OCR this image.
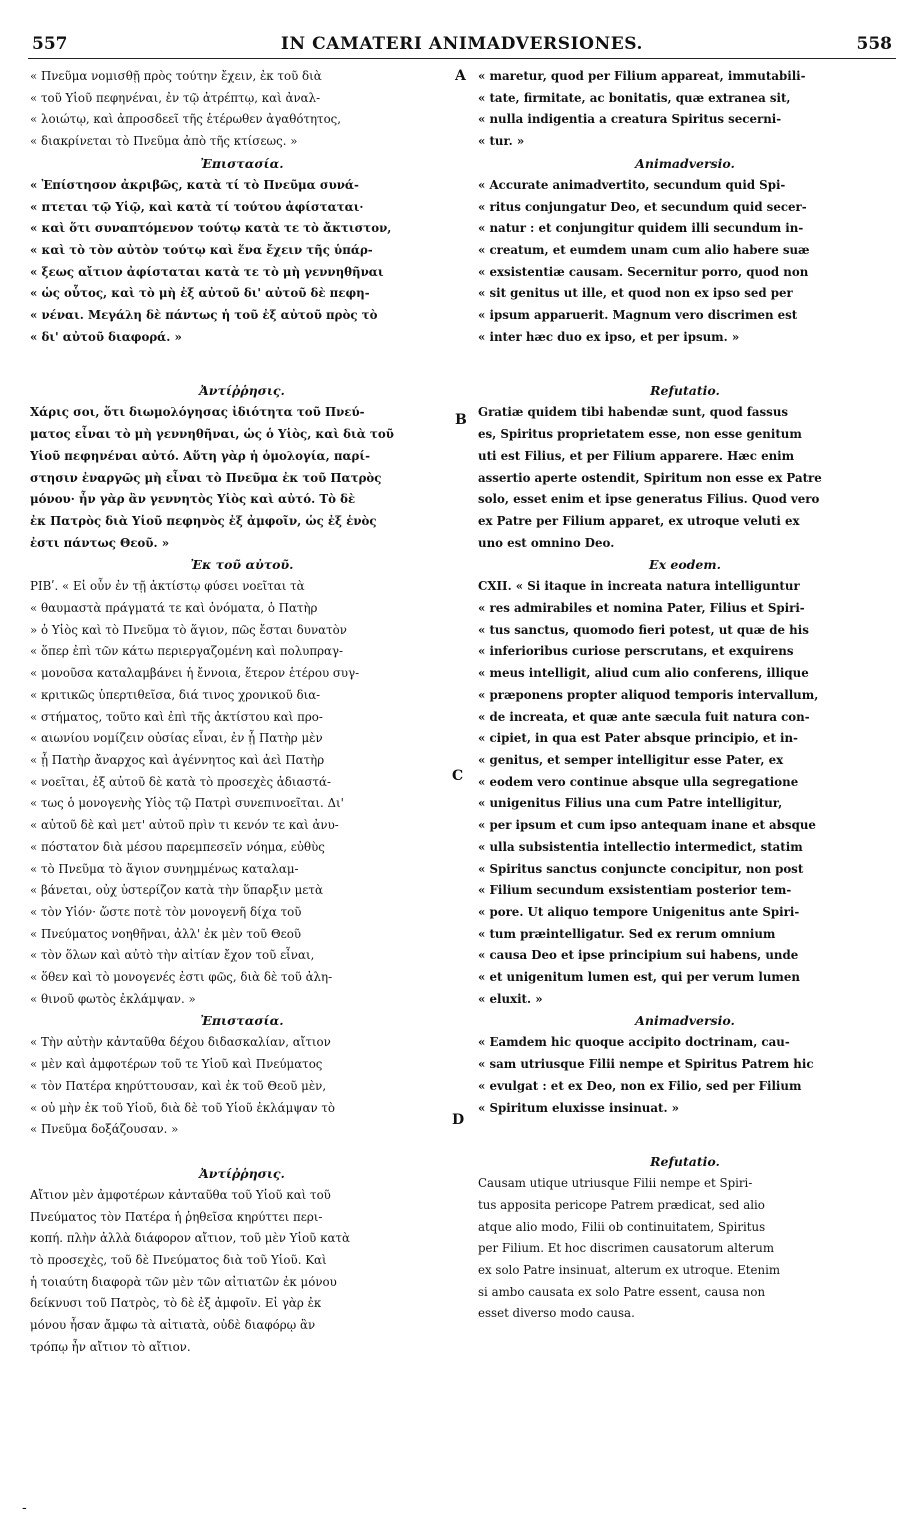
557	IN CAMATERI ANIMADVERSIONES.	558
A
B
C
D
« Πνεῦμα νομισθῇ πρὸς τούτην ἔχειν, ἐκ τοῦ διὰ
« τοῦ Υἱοῦ πεφηνέναι, ἐν τῷ ἀτρέπτῳ, καὶ ἀναλ-
« λοιώτῳ, καὶ ἀπροσδεεῖ τῆς ἑτέρωθεν ἀγαθότητος,
« διακρίνεται τὸ Πνεῦμα ἀπὸ τῆς κτίσεως. »
Ἐπιστασία.
« Ἐπίστησον ἀκριβῶς, κατὰ τί τὸ Πνεῦμα συνά-
« πτεται τῷ Υἱῷ, καὶ κατὰ τί τούτου ἀφίσταται·
« καὶ ὅτι συναπτόμενον τούτῳ κατὰ τε τὸ ἄκτιστον,
« καὶ τὸ τὸν αὐτὸν τούτῳ καὶ ἕνα ἔχειν τῆς ὑπάρ-
« ξεως αἴτιον ἀφίσταται κατὰ τε τὸ μὴ γεννηθῆναι
« ὡς οὗτος, καὶ τὸ μὴ ἐξ αὐτοῦ δι' αὐτοῦ δὲ πεφη-
« νέναι. Μεγάλη δὲ πάντως ἡ τοῦ ἐξ αὐτοῦ πρὸς τὸ
« δι' αὐτοῦ διαφορά. »
Ἀντίῤῥησις.
Χάρις σοι, ὅτι διωμολόγησας ἰδιότητα τοῦ Πνεύ-
ματος εἶναι τὸ μὴ γεννηθῆναι, ὡς ὁ Υἱὸς, καὶ διὰ τοῦ
Υἱοῦ πεφηνέναι αὐτό. Αὕτη γὰρ ἡ ὁμολογία, παρί-
στησιν ἐναργῶς μὴ εἶναι τὸ Πνεῦμα ἐκ τοῦ Πατρὸς
μόνου· ἦν γὰρ ἂν γεννητὸς Υἱὸς καὶ αὐτό. Τὸ δὲ
ἐκ Πατρὸς διὰ Υἱοῦ πεφηνὸς ἐξ ἀμφοῖν, ὡς ἐξ ἑνὸς
ἐστι πάντως Θεοῦ. »
Ἐκ τοῦ αὐτοῦ.
ΡΙΒʹ. « Εἰ οὖν ἐν τῇ ἀκτίστῳ φύσει νοεῖται τὰ
« θαυμαστὰ πράγματά τε καὶ ὀνόματα, ὁ Πατὴρ
» ὁ Υἱὸς καὶ τὸ Πνεῦμα τὸ ἅγιον, πῶς ἔσται δυνατὸν
« ὅπερ ἐπὶ τῶν κάτω περιεργαζομένη καὶ πολυπραγ-
« μονοῦσα καταλαμβάνει ἡ ἔννοια, ἕτερον ἑτέρου συγ-
« κριτικῶς ὑπερτιθεῖσα, διά τινος χρονικοῦ δια-
« στήματος, τοῦτο καὶ ἐπὶ τῆς ἀκτίστου καὶ προ-
« αιωνίου νομίζειν οὐσίας εἶναι, ἐν ᾗ Πατὴρ μὲν
« ᾗ Πατὴρ ἄναρχος καὶ ἀγέννητος καὶ ἀεὶ Πατὴρ
« νοεῖται, ἐξ αὐτοῦ δὲ κατὰ τὸ προσεχὲς ἀδιαστά-
« τως ὁ μονογενὴς Υἱὸς τῷ Πατρὶ συνεπινοεῖται. Δι'
« αὐτοῦ δὲ καὶ μετ' αὐτοῦ πρὶν τι κενόν τε καὶ ἀνυ-
« πόστατον διὰ μέσου παρεμπεσεῖν νόημα, εὐθὺς
« τὸ Πνεῦμα τὸ ἅγιον συνημμένως καταλαμ-
« βάνεται, οὐχ ὑστερίζον κατὰ τὴν ὕπαρξιν μετὰ
« τὸν Υἱόν· ὥστε ποτὲ τὸν μονογενῆ δίχα τοῦ
« Πνεύματος νοηθῆναι, ἀλλ' ἐκ μὲν τοῦ Θεοῦ
« τὸν ὅλων καὶ αὐτὸ τὴν αἰτίαν ἔχον τοῦ εἶναι,
« ὅθεν καὶ τὸ μονογενές ἐστι φῶς, διὰ δὲ τοῦ ἀλη-
« θινοῦ φωτὸς ἐκλάμψαν. »
Ἐπιστασία.
« Τὴν αὐτὴν κἀνταῦθα δέχου διδασκαλίαν, αἴτιον
« μὲν καὶ ἀμφοτέρων τοῦ τε Υἱοῦ καὶ Πνεύματος
« τὸν Πατέρα κηρύττουσαν, καὶ ἐκ τοῦ Θεοῦ μὲν,
« οὐ μὴν ἐκ τοῦ Υἱοῦ, διὰ δὲ τοῦ Υἱοῦ ἐκλάμψαν τὸ
« Πνεῦμα δοξάζουσαν. »
Ἀντίῤῥησις.
Αἴτιον μὲν ἀμφοτέρων κἀνταῦθα τοῦ Υἱοῦ καὶ τοῦ
Πνεύματος τὸν Πατέρα ἡ ῥηθεῖσα κηρύττει περι-
κοπή. πλὴν ἀλλὰ διάφορον αἴτιον, τοῦ μὲν Υἱοῦ κατὰ
τὸ προσεχὲς, τοῦ δὲ Πνεύματος διὰ τοῦ Υἱοῦ. Καὶ
ἡ τοιαύτη διαφορὰ τῶν μὲν τῶν αἰτιατῶν ἐκ μόνου
δείκνυσι τοῦ Πατρὸς, τὸ δὲ ἐξ ἀμφοῖν. Εἰ γὰρ ἐκ
μόνου ἦσαν ἄμφω τὰ αἰτιατὰ, οὐδὲ διαφόρῳ ἂν
τρόπῳ ἦν αἴτιον τὸ αἴτιον.
« maretur, quod per Filium appareat, immutabili-
« tate, firmitate, ac bonitatis, quæ extranea sit,
« nulla indigentia a creatura Spiritus secerni-
« tur. »
Animadversio.
« Accurate animadvertito, secundum quid Spi-
« ritus conjungatur Deo, et secundum quid secer-
« natur : et conjungitur quidem illi secundum in-
« creatum, et eumdem unam cum alio habere suæ
« exsistentiæ causam. Secernitur porro, quod non
« sit genitus ut ille, et quod non ex ipso sed per
« ipsum apparuerit. Magnum vero discrimen est
« inter hæc duo ex ipso, et per ipsum. »
Refutatio.
Gratiæ quidem tibi habendæ sunt, quod fassus
es, Spiritus proprietatem esse, non esse genitum
uti est Filius, et per Filium apparere. Hæc enim
assertio aperte ostendit, Spiritum non esse ex Patre
solo, esset enim et ipse generatus Filius. Quod vero
ex Patre per Filium apparet, ex utroque veluti ex
uno est omnino Deo.
Ex eodem.
CXII. « Si itaque in increata natura intelliguntur
« res admirabiles et nomina Pater, Filius et Spiri-
« tus sanctus, quomodo fieri potest, ut quæ de his
« inferioribus curiose perscrutans, et exquirens
« meus intelligit, aliud cum alio conferens, illique
« præponens propter aliquod temporis intervallum,
« de increata, et quæ ante sæcula fuit natura con-
« cipiet, in qua est Pater absque principio, et in-
« genitus, et semper intelligitur esse Pater, ex
« eodem vero continue absque ulla segregatione
« unigenitus Filius una cum Patre intelligitur,
« per ipsum et cum ipso antequam inane et absque
« ulla subsistentia intellectio intermedict, statim
« Spiritus sanctus conjuncte concipitur, non post
« Filium secundum exsistentiam posterior tem-
« pore. Ut aliquo tempore Unigenitus ante Spiri-
« tum præintelligatur. Sed ex rerum omnium
« causa Deo et ipse principium sui habens, unde
« et unigenitum lumen est, qui per verum lumen
« eluxit. »
Animadversio.
« Eamdem hic quoque accipito doctrinam, cau-
« sam utriusque Filii nempe et Spiritus Patrem hic
« evulgat : et ex Deo, non ex Filio, sed per Filium
« Spiritum eluxisse insinuat. »
Refutatio.
Causam utique utriusque Filii nempe et Spiri-
tus apposita pericope Patrem prædicat, sed alio
atque alio modo, Filii ob continuitatem, Spiritus
per Filium. Et hoc discrimen causatorum alterum
ex solo Patre insinuat, alterum ex utroque. Etenim
si ambo causata ex solo Patre essent, causa non
esset diverso modo causa.
-
